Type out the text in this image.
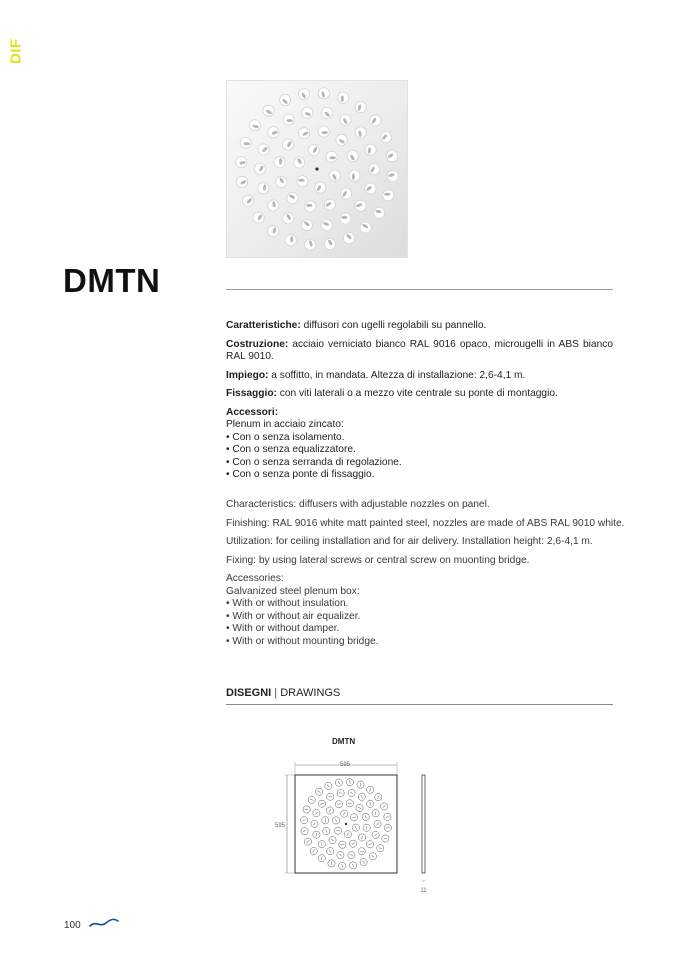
DIF
DMTN

Caratteristiche: diffusori con ugelli regolabili su pannello.

Costruzione: acciaio verniciato bianco RAL 9016 opaco, microugelli in ABS bianco RAL 9010.

Impiego: a soffitto, in mandata. Altezza di installazione: 2,6-4,1 m.

Fissaggio: con viti laterali o a mezzo vite centrale su ponte di montaggio.

Accessori:
Plenum in acciaio zincato:
• Con o senza isolamento.
• Con o senza equalizzatore.
• Con o senza serranda di regolazione.
• Con o senza ponte di fissaggio.

Characteristics: diffusers with adjustable nozzles on panel.

Finishing: RAL 9016 white matt painted steel, nozzles are made of ABS RAL 9010 white.

Utilization: for ceiling installation and for air delivery. Installation height: 2,6-4,1 m.

Fixing: by using lateral screws or central screw on muonting bridge.

Accessories:
Galvanized steel plenum box:
• With or without insulation.
• With or without air equalizer.
• With or without damper.
• With or without mounting bridge.
DISEGNI | DRAWINGS
DMTN
595
595
11
100
